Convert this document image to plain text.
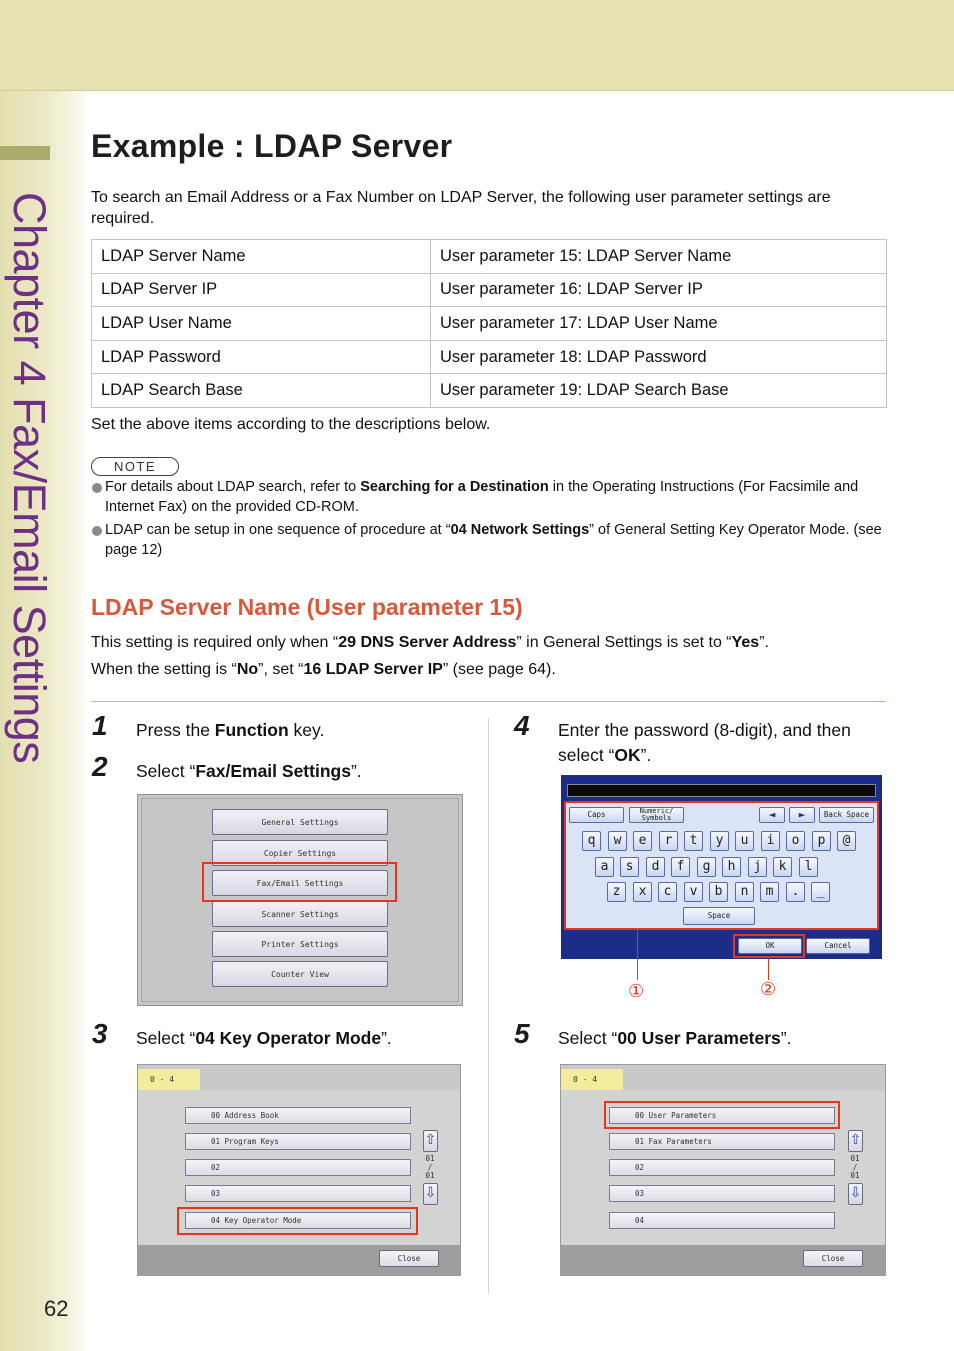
Chapter 4 Fax/Email Settings
62
Example : LDAP Server

To search an Email Address or a Fax Number on LDAP Server, the following user parameter settings are required.

LDAP Server Name	User parameter 15: LDAP Server Name
LDAP Server IP	User parameter 16: LDAP Server IP
LDAP User Name	User parameter 17: LDAP User Name
LDAP Password	User parameter 18: LDAP Password
LDAP Search Base	User parameter 19: LDAP Search Base

Set the above items according to the descriptions below.

NOTE
For details about LDAP search, refer to Searching for a Destination in the Operating Instructions (For Facsimile and Internet Fax) on the provided CD-ROM.
LDAP can be setup in one sequence of procedure at “04 Network Settings” of General Setting Key Operator Mode. (see page 12)
LDAP Server Name (User parameter 15)

This setting is required only when “29 DNS Server Address” in General Settings is set to “Yes”.

When the setting is “No”, set “16 LDAP Server IP” (see page 64).

1 Press the Function key.
2 Select “Fax/Email Settings”.
General Settings
Copier Settings
Fax/Email Settings
Scanner Settings
Printer Settings
Counter View
3 Select “04 Key Operator Mode”.
0 - 4
00 Address Book
01 Program Keys
02
03
04 Key Operator Mode
⇧
01
/
01
⇩
Close
4 Enter the password (8-digit), and then select “OK”.
Caps	Numeric/
Symbols	◄	►	Back Space
q	w	e	r	t	y	u	i	o	p	@
a	s	d	f	g	h	j	k	l
z	x	c	v	b	n	m	.	_
Space
OK	Cancel
①	②
5 Select “00 User Parameters”.
0 - 4
00 User Parameters
01 Fax Parameters
02
03
04
⇧
01
/
01
⇩
Close
